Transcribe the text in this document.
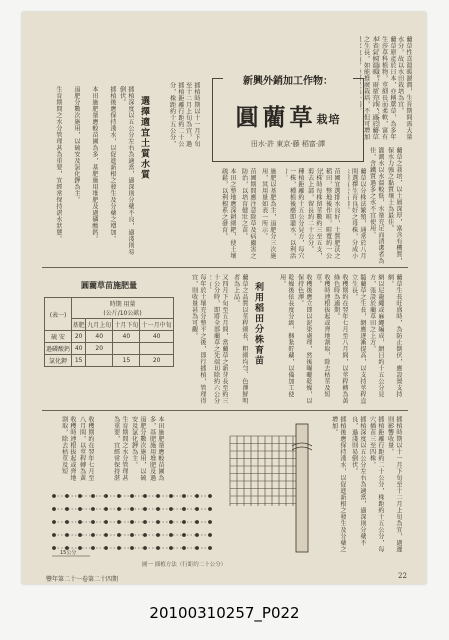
藺草原產於日本，亦稱蓆草，為多年生莎草科植物，莖細長而柔軟，富有
本省氣候溫暖，雨量充沛，適於藺草之生長，如能推廣栽培，不但可增加	藺草性喜溫暖濕潤，生育期間需大量水分，故以水田栽培為宜。
新興外銷加工作物：
圓藺草栽培
田水·許 東京·藤 稻富·譯
藺草之栽培，以土層深厚，富含有機質，保水力強之黏質壤土為最佳。
灌溉水以水溫較低，水量充足而清潔者為佳，含鐵質過多之水不宜使用。
藺草以分株法繁殖，通常於八月間選擇生育良好之母株，分成小
苗圃宜選排水良好，土質肥沃之稻田，整地後作畦，畦寬約一公
分株時每株留莖數約三至五支，剪去上部，留長約二十公分。
種植距離約十五公分見方，每穴一株，種植後應即灌水，以利活
施肥以基肥為主，追肥分三次施用，其用量如表一所示。
苗圃期間應注意除草及病蟲害之防治，以培育健壯之苗。
本田之整地應深耕細耙，使土壤疏鬆，以利根系之發育。
插植時期以十一月下旬至十二月上旬為宜，過
插植距離行距約二十公分，株距約十五公分，
選擇適宜土質水質
插植深度以五公分左右為適當，過深則分蘗不良，過淺則易倒伏。
插植後應保持淺水，以促進新根之發生及分蘗之增加。
本田施肥量應較苗圃為多，基肥施用堆肥及過磷酸鈣。
追肥分數次施用，以硫安及氯化鉀為主。
生育期間之水分管理甚為重要，宜經常保持湛水狀態。
藺草生長旺盛時，為防止倒伏，應設置支持網。
網以尼龍繩或麻繩編成，網目約十五公分見方，張設於藺草田之上方。
隨藺草之生長，網應逐漸提高，以支持莖稈直立生長。
收穫期約在翌年七月至八月間，以莖稈轉為黃綠色時為適期。
收穫時連根拔起或齊地割取，除去枯莖及短莖。
收穫後應立即以泥染處理，然後曝曬乾燥，以保持色澤。
乾燥後依長度分級，捆紮貯藏，以備加工使用。
利用稻田分株育苗
藺草之品質以莖稈細長、粗細均勻、色澤鮮明者為上品。
又四月下旬至五月間，當藺草之新芽長至約三十公分時，即將全部藺草之先端切除約六公分
每年於土壤充分整平之後，即行插植，管理得宜，則收量甚為可觀。
圓藺草苗施肥量
(表一)	時期 用量
(公斤/10公畝)			
	基肥	九月上旬	十月下旬	十一月中旬
硫 安	20	40	40	40
過磷酸鈣	40	20		
氯化鉀	15		15	20
插植時期以十一月下旬至十二月上旬為宜，過遲則影響收量。
插植距離行距約二十公分，株距約十五公分，每穴插苗三至四株。
插植深度以五公分左右為適當，過深則分蘗不良，過淺則易倒伏。
插植後應保持淺水，以促進新根之發生及分蘗之增加。
本田施肥量應較苗圃為多，基肥施用堆肥及過
追肥分數次施用，以硫安及氯化鉀為主。
生育期間之水分管理甚為重要，宜經常保持湛
收穫期約在翌年七月至八月間，以莖稈轉為黃
收穫時連根拔起或齊地割取，除去枯莖及短
15公分
圖一 插植方法（行距約二十公分）
豐年第二十一卷第二十四期	22
20100310257_P022
